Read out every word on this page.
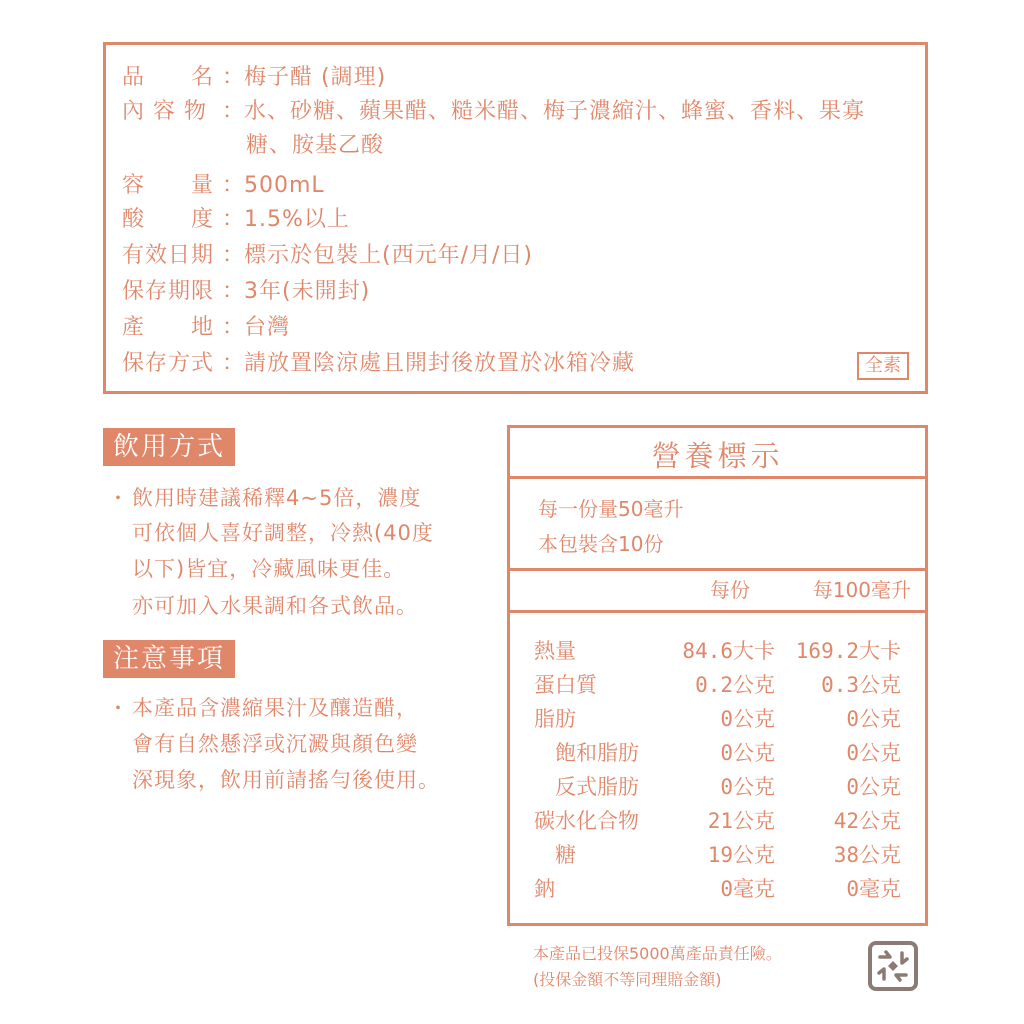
品　　名 ：梅子醋 (調理)
內 容 物 ：水、砂糖、蘋果醋、糙米醋、梅子濃縮汁、蜂蜜、香料、果寡
糖、胺基乙酸
容　　量 ：500mL
酸　　度 ：1.5%以上
有效日期 ：標示於包裝上(西元年/月/日)
保存期限 ：3年(未開封)
產　　地 ：台灣
保存方式 ：請放置陰涼處且開封後放置於冰箱冷藏	全素
飲用方式
・ 飲用時建議稀釋4~5倍，濃度
可依個人喜好調整，冷熱(40度
以下)皆宜，冷藏風味更佳。
亦可加入水果調和各式飲品。
注意事項
・ 本產品含濃縮果汁及釀造醋，
會有自然懸浮或沉澱與顏色變
深現象，飲用前請搖勻後使用。
營養標示
每一份量50毫升
本包裝含10份
每份	每100毫升
熱量	84.6大卡 169.2大卡
蛋白質	0.2公克 0.3公克
脂肪	0公克	0公克
　飽和脂肪	0公克	0公克
　反式脂肪	0公克	0公克
碳水化合物	21公克	42公克
　糖	19公克	38公克
鈉	0毫克	0毫克
本產品已投保5000萬產品責任險。
(投保金額不等同理賠金額)
